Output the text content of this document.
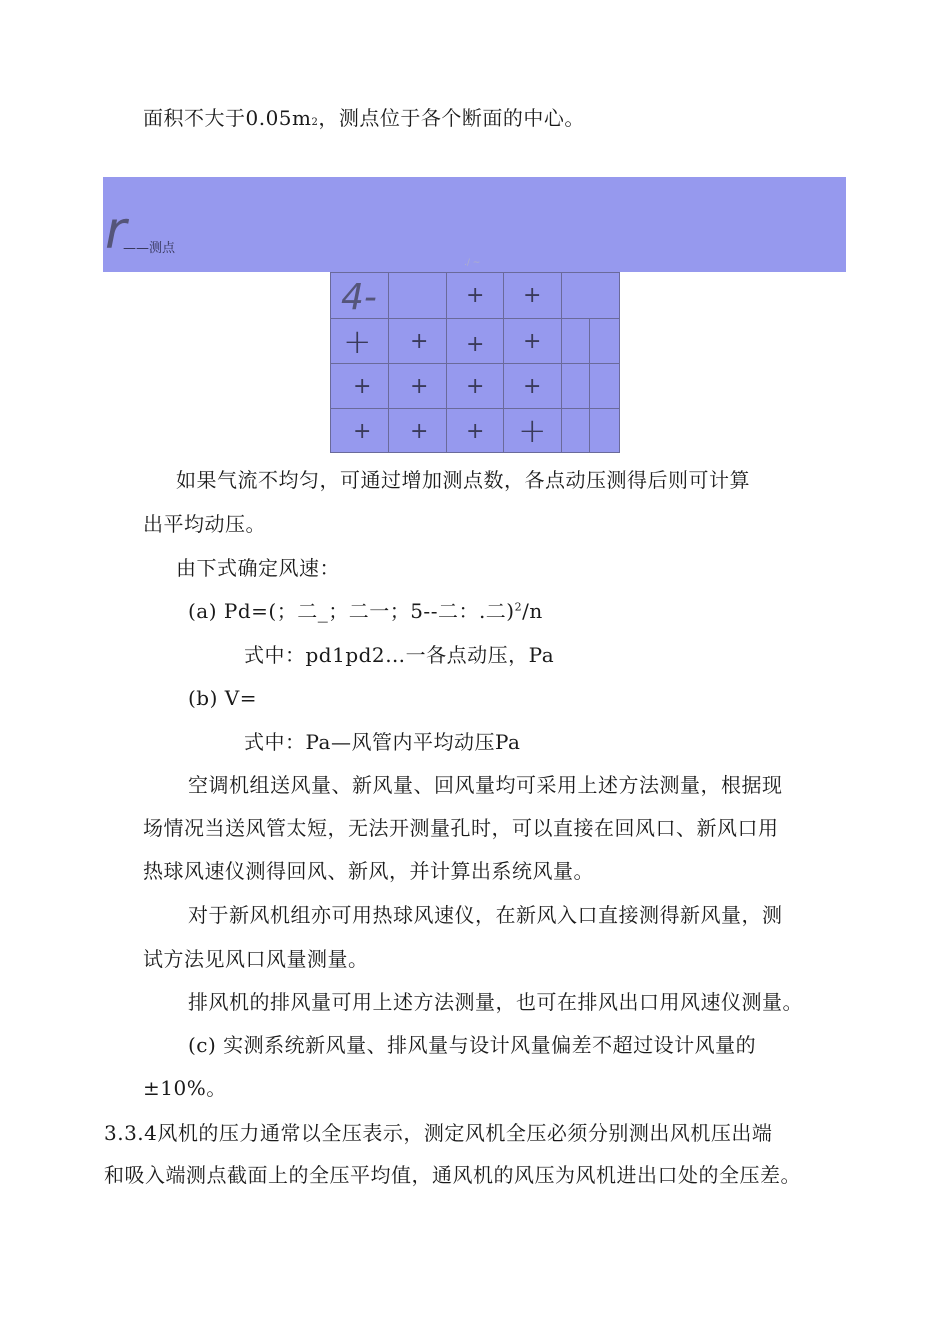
面积不大于0.05m2，测点位于各个断面的中心。
r
——测点
./ ~
4-	+ +
+ + + +
+ + + +
+ + + +
如果气流不均匀，可通过增加测点数，各点动压测得后则可计算
出平均动压。
由下式确定风速：
(a) Pd=(；二_；二一；5--二：.二)$^2$/n
式中：pd1pd2…一各点动压，Pa
(b) V=
式中：Pa—风管内平均动压Pa
空调机组送风量、新风量、回风量均可采用上述方法测量，根据现
场情况当送风管太短，无法开测量孔时，可以直接在回风口、新风口用
热球风速仪测得回风、新风，并计算出系统风量。
对于新风机组亦可用热球风速仪，在新风入口直接测得新风量，测
试方法见风口风量测量。
排风机的排风量可用上述方法测量，也可在排风出口用风速仪测量。
(c) 实测系统新风量、排风量与设计风量偏差不超过设计风量的
±10%。
3.3.4风机的压力通常以全压表示，测定风机全压必须分别测出风机压出端
和吸入端测点截面上的全压平均值，通风机的风压为风机进出口处的全压差。
